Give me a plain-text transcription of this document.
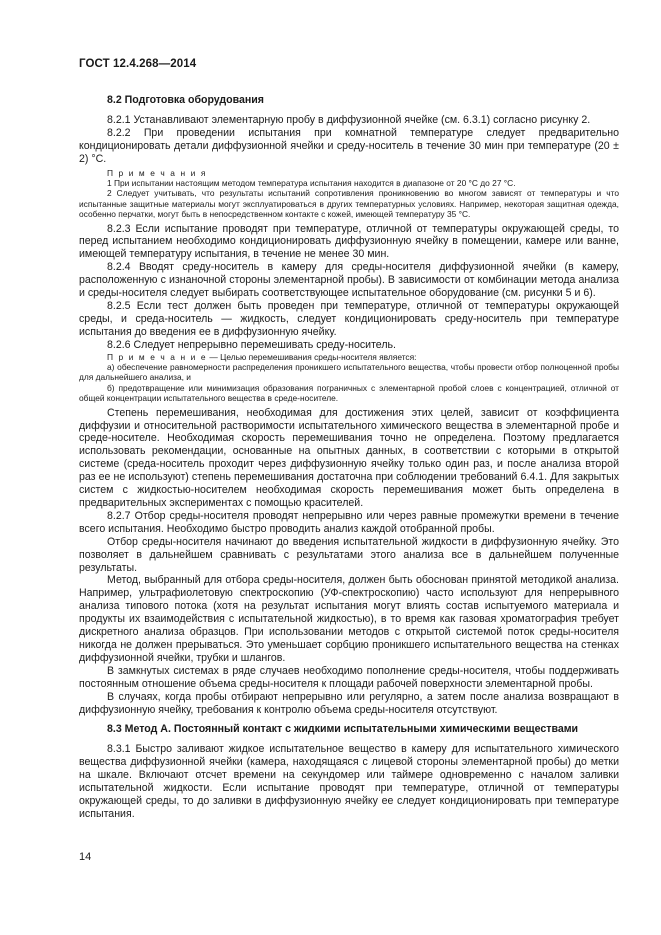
ГОСТ 12.4.268—2014

8.2 Подготовка оборудования

8.2.1 Устанавливают элементарную пробу в диффузионной ячейке (см. 6.3.1) согласно рисунку 2.

8.2.2 При проведении испытания при комнатной температуре следует предварительно кондиционировать детали диффузионной ячейки и среду-носитель в течение 30 мин при температуре (20 ± 2) °С.

П р и м е ч а н и я

1 При испытании настоящим методом температура испытания находится в диапазоне от 20 °С до 27 °С.

2 Следует учитывать, что результаты испытаний сопротивления проникновению во многом зависят от температуры и что испытанные защитные материалы могут эксплуатироваться в других температурных условиях. Например, некоторая защитная одежда, особенно перчатки, могут быть в непосредственном контакте с кожей, имеющей температуру 35 °С.

8.2.3 Если испытание проводят при температуре, отличной от температуры окружающей среды, то перед испытанием необходимо кондиционировать диффузионную ячейку в помещении, камере или ванне, имеющей температуру испытания, в течение не менее 30 мин.

8.2.4 Вводят среду-носитель в камеру для среды-носителя диффузионной ячейки (в камеру, расположенную с изнаночной стороны элементарной пробы). В зависимости от комбинации метода анализа и среды-носителя следует выбирать соответствующее испытательное оборудование (см. рисунки 5 и 6).

8.2.5 Если тест должен быть проведен при температуре, отличной от температуры окружающей среды, и среда-носитель — жидкость, следует кондиционировать среду-носитель при температуре испытания до введения ее в диффузионную ячейку.

8.2.6 Следует непрерывно перемешивать среду-носитель.

П р и м е ч а н и е — Целью перемешивания среды-носителя является:

а) обеспечение равномерности распределения проникшего испытательного вещества, чтобы провести отбор полноценной пробы для дальнейшего анализа, и

б) предотвращение или минимизация образования пограничных с элементарной пробой слоев с концентрацией, отличной от общей концентрации испытательного вещества в среде-носителе.

Степень перемешивания, необходимая для достижения этих целей, зависит от коэффициента диффузии и относительной растворимости испытательного химического вещества в элементарной пробе и среде-носителе. Необходимая скорость перемешивания точно не определена. Поэтому предлагается использовать рекомендации, основанные на опытных данных, в соответствии с которыми в открытой системе (среда-носитель проходит через диффузионную ячейку только один раз, и после анализа второй раз ее не используют) степень перемешивания достаточна при соблюдении требований 6.4.1. Для закрытых систем с жидкостью-носителем необходимая скорость перемешивания может быть определена в предварительных экспериментах с помощью красителей.

8.2.7 Отбор среды-носителя проводят непрерывно или через равные промежутки времени в течение всего испытания. Необходимо быстро проводить анализ каждой отобранной пробы.

Отбор среды-носителя начинают до введения испытательной жидкости в диффузионную ячейку. Это позволяет в дальнейшем сравнивать с результатами этого анализа все в дальнейшем полученные результаты.

Метод, выбранный для отбора среды-носителя, должен быть обоснован принятой методикой анализа. Например, ультрафиолетовую спектроскопию (УФ-спектроскопию) часто используют для непрерывного анализа типового потока (хотя на результат испытания могут влиять состав испытуемого материала и продукты их взаимодействия с испытательной жидкостью), в то время как газовая хроматография требует дискретного анализа образцов. При использовании методов с открытой системой поток среды-носителя никогда не должен прерываться. Это уменьшает сорбцию проникшего испытательного вещества на стенках диффузионной ячейки, трубки и шлангов.

В замкнутых системах в ряде случаев необходимо пополнение среды-носителя, чтобы поддерживать постоянным отношение объема среды-носителя к площади рабочей поверхности элементарной пробы.

В случаях, когда пробы отбирают непрерывно или регулярно, а затем после анализа возвращают в диффузионную ячейку, требования к контролю объема среды-носителя отсутствуют.

8.3 Метод А. Постоянный контакт с жидкими испытательными химическими веществами

8.3.1 Быстро заливают жидкое испытательное вещество в камеру для испытательного химического вещества диффузионной ячейки (камера, находящаяся с лицевой стороны элементарной пробы) до метки на шкале. Включают отсчет времени на секундомер или таймере одновременно с началом заливки испытательной жидкости. Если испытание проводят при температуре, отличной от температуры окружающей среды, то до заливки в диффузионную ячейку ее следует кондиционировать при температуре испытания.

14
